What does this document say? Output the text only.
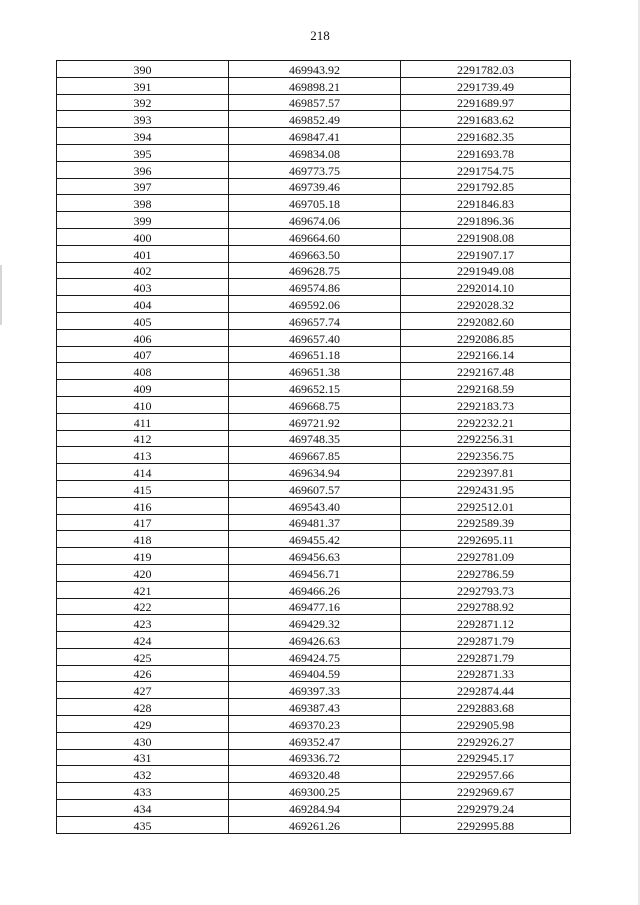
218
390	469943.92	2291782.03
391	469898.21	2291739.49
392	469857.57	2291689.97
393	469852.49	2291683.62
394	469847.41	2291682.35
395	469834.08	2291693.78
396	469773.75	2291754.75
397	469739.46	2291792.85
398	469705.18	2291846.83
399	469674.06	2291896.36
400	469664.60	2291908.08
401	469663.50	2291907.17
402	469628.75	2291949.08
403	469574.86	2292014.10
404	469592.06	2292028.32
405	469657.74	2292082.60
406	469657.40	2292086.85
407	469651.18	2292166.14
408	469651.38	2292167.48
409	469652.15	2292168.59
410	469668.75	2292183.73
411	469721.92	2292232.21
412	469748.35	2292256.31
413	469667.85	2292356.75
414	469634.94	2292397.81
415	469607.57	2292431.95
416	469543.40	2292512.01
417	469481.37	2292589.39
418	469455.42	2292695.11
419	469456.63	2292781.09
420	469456.71	2292786.59
421	469466.26	2292793.73
422	469477.16	2292788.92
423	469429.32	2292871.12
424	469426.63	2292871.79
425	469424.75	2292871.79
426	469404.59	2292871.33
427	469397.33	2292874.44
428	469387.43	2292883.68
429	469370.23	2292905.98
430	469352.47	2292926.27
431	469336.72	2292945.17
432	469320.48	2292957.66
433	469300.25	2292969.67
434	469284.94	2292979.24
435	469261.26	2292995.88
